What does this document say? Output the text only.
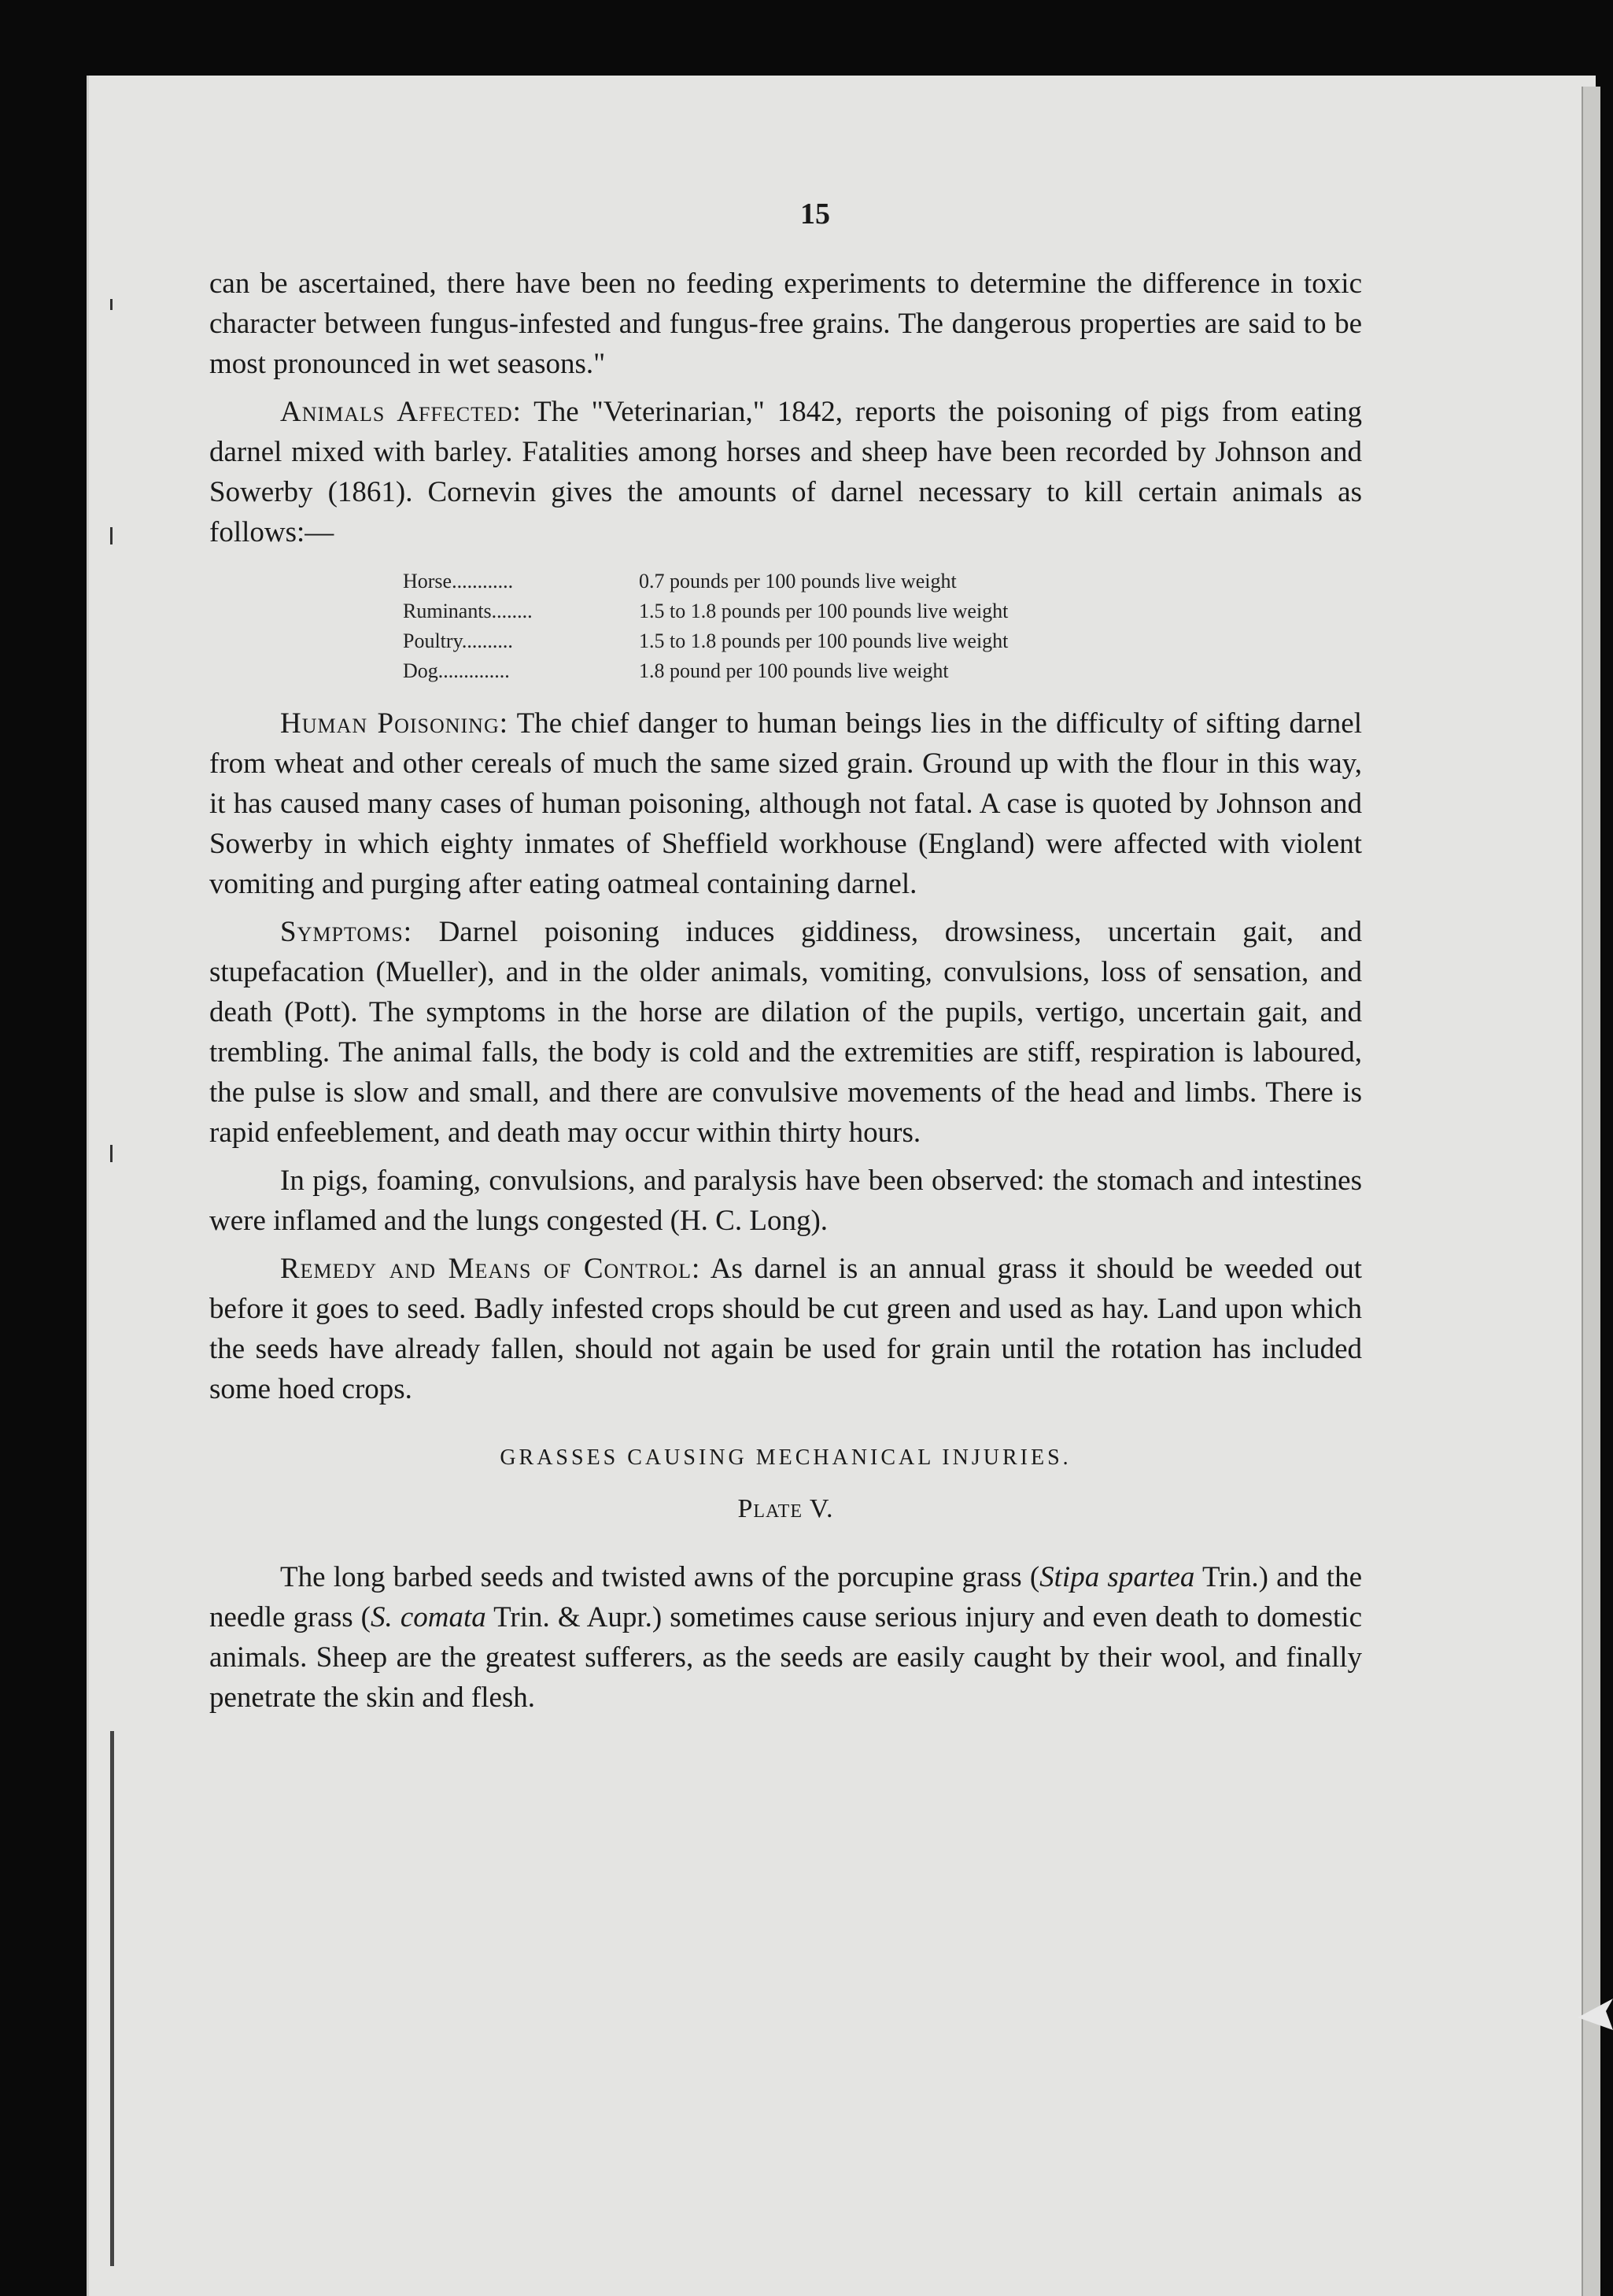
15

can be ascertained, there have been no feeding experiments to determine the difference in toxic character between fungus-infested and fungus-free grains. The dangerous properties are said to be most pronounced in wet seasons."

Animals Affected: The "Veterinarian," 1842, reports the poisoning of pigs from eating darnel mixed with barley. Fatalities among horses and sheep have been recorded by Johnson and Sowerby (1861). Cornevin gives the amounts of darnel necessary to kill certain animals as follows:—

Horse............	0.7 pounds per 100 pounds live weight
Ruminants........	1.5 to 1.8 pounds per 100 pounds live weight
Poultry..........	1.5 to 1.8 pounds per 100 pounds live weight
Dog..............	1.8 pound per 100 pounds live weight

Human Poisoning: The chief danger to human beings lies in the difficulty of sifting darnel from wheat and other cereals of much the same sized grain. Ground up with the flour in this way, it has caused many cases of human poisoning, although not fatal. A case is quoted by Johnson and Sowerby in which eighty inmates of Sheffield workhouse (England) were affected with violent vomiting and purging after eating oatmeal containing darnel.

Symptoms: Darnel poisoning induces giddiness, drowsiness, uncertain gait, and stupefacation (Mueller), and in the older animals, vomiting, convulsions, loss of sensation, and death (Pott). The symptoms in the horse are dilation of the pupils, vertigo, uncertain gait, and trembling. The animal falls, the body is cold and the extremities are stiff, respiration is laboured, the pulse is slow and small, and there are convulsive movements of the head and limbs. There is rapid enfeeblement, and death may occur within thirty hours.

In pigs, foaming, convulsions, and paralysis have been observed: the stomach and intestines were inflamed and the lungs congested (H. C. Long).

Remedy and Means of Control: As darnel is an annual grass it should be weeded out before it goes to seed. Badly infested crops should be cut green and used as hay. Land upon which the seeds have already fallen, should not again be used for grain until the rotation has included some hoed crops.

GRASSES CAUSING MECHANICAL INJURIES.
Plate V.

The long barbed seeds and twisted awns of the porcupine grass (Stipa spartea Trin.) and the needle grass (S. comata Trin. & Aupr.) sometimes cause serious injury and even death to domestic animals. Sheep are the greatest sufferers, as the seeds are easily caught by their wool, and finally penetrate the skin and flesh.
